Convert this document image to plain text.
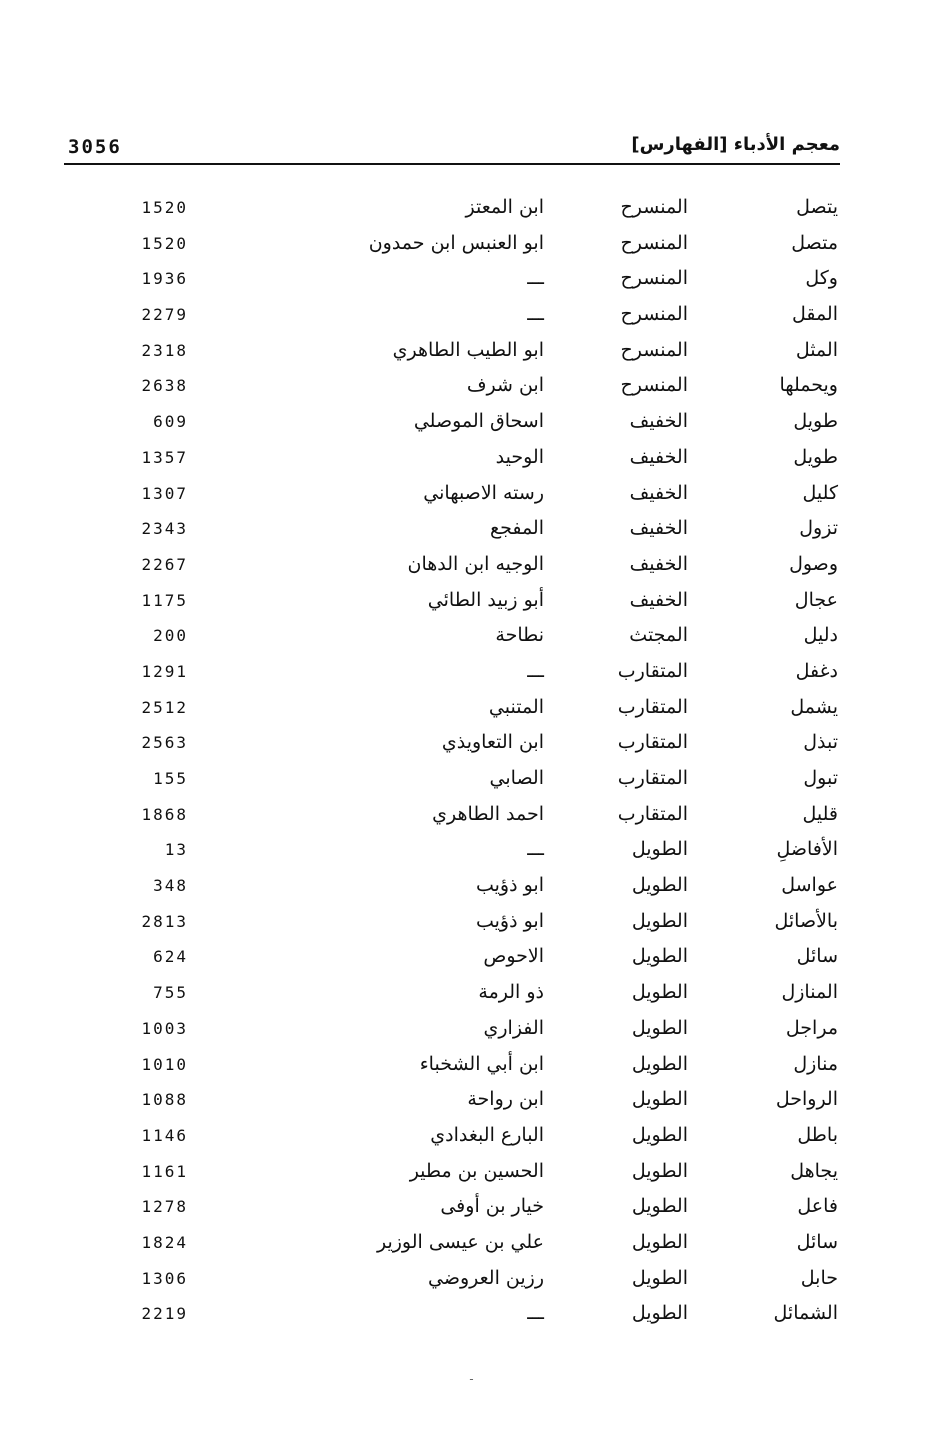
3056	معجم الأدباء [الفهارس]
يتصل
المنسرح
ابن المعتز
1520
متصل
المنسرح
ابو العنبس ابن حمدون
1520
وكل
المنسرح
ـــ
1936
المقل
المنسرح
ـــ
2279
المثل
المنسرح
ابو الطيب الطاهري
2318
ويحملها
المنسرح
ابن شرف
2638
طويل
الخفيف
اسحاق الموصلي
609
طويل
الخفيف
الوحيد
1357
كليل
الخفيف
رسته الاصبهاني
1307
تزول
الخفيف
المفجع
2343
وصول
الخفيف
الوجيه ابن الدهان
2267
عجال
الخفيف
أبو زبيد الطائي
1175
دليل
المجتث
نطاحة
200
دغفل
المتقارب
ـــ
1291
يشمل
المتقارب
المتنبي
2512
تبذل
المتقارب
ابن التعاويذي
2563
تبول
المتقارب
الصابي
155
قليل
المتقارب
احمد الطاهري
1868
الأفاضلِ
الطويل
ـــ
13
عواسل
الطويل
ابو ذؤيب
348
بالأصائل
الطويل
ابو ذؤيب
2813
سائل
الطويل
الاحوص
624
المنازل
الطويل
ذو الرمة
755
مراجل
الطويل
الفزاري
1003
منازل
الطويل
ابن أبي الشخباء
1010
الرواحل
الطويل
ابن رواحة
1088
باطل
الطويل
البارع البغدادي
1146
يجاهل
الطويل
الحسين بن مطير
1161
فاعل
الطويل
خيار بن أوفى
1278
سائل
الطويل
علي بن عيسى الوزير
1824
حابل
الطويل
رزين العروضي
1306
الشمائل
الطويل
ـــ
2219
ـ
